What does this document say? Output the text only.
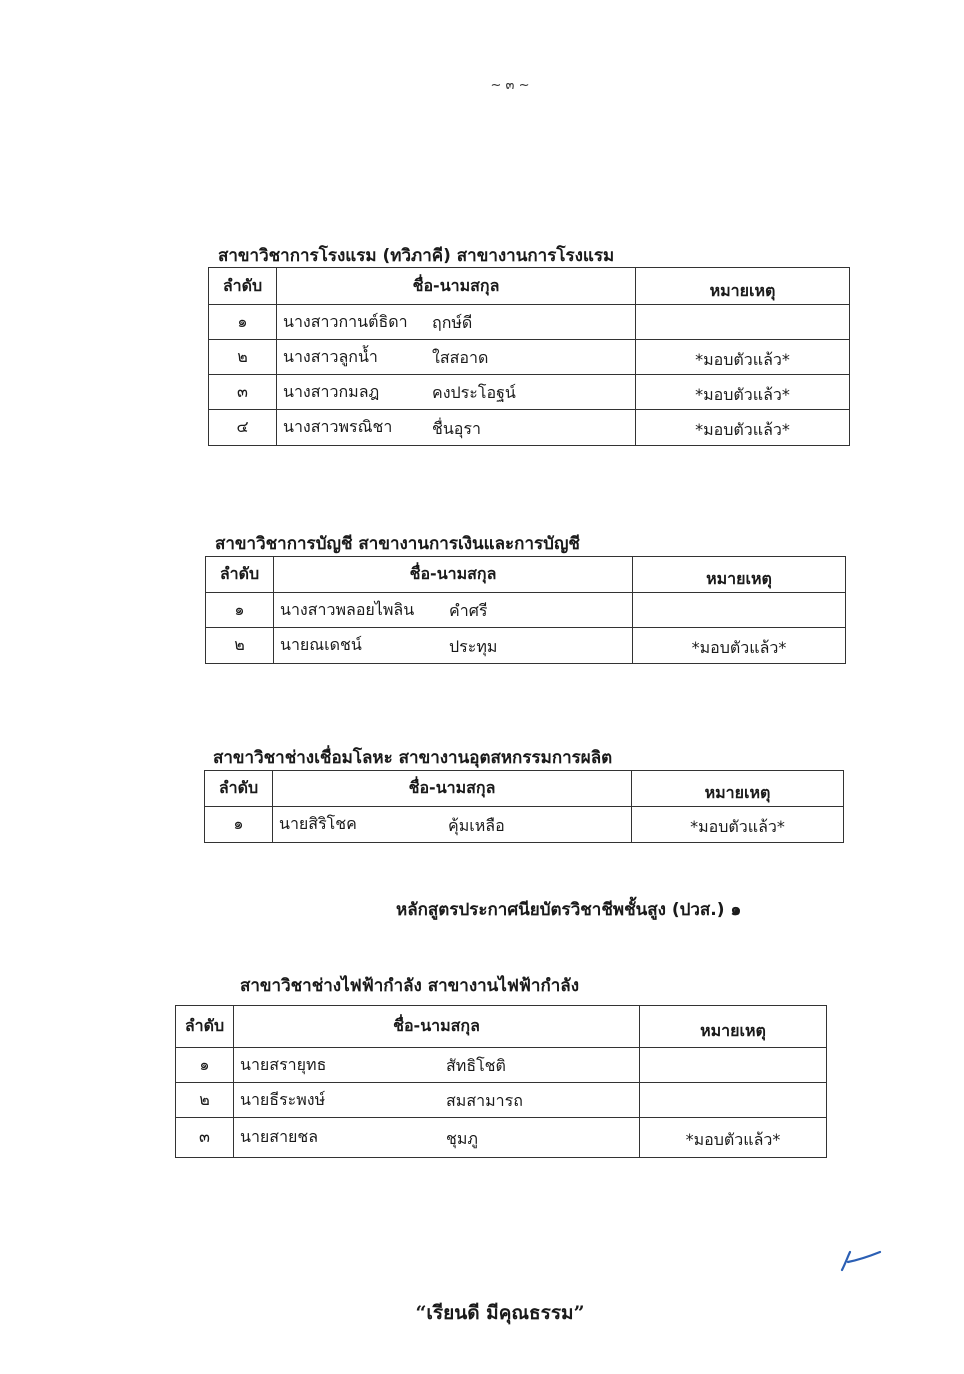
~ ๓ ~
สาขาวิชาการโรงแรม (ทวิภาคี) สาขางานการโรงแรม
ลำดับ	ชื่อ-นามสกุล	หมายเหตุ
๑	นางสาวกานต์ธิดา ฤกษ์ดี	

๒	นางสาวลูกน้ำ ใสสอาด	*มอบตัวแล้ว*
๓	นางสาวกมลฎ คงประโอฐน์	*มอบตัวแล้ว*
๔	นางสาวพรณิชา ชื่นอุรา	*มอบตัวแล้ว*
สาขาวิชาการบัญชี สาขางานการเงินและการบัญชี
ลำดับ	ชื่อ-นามสกุล	หมายเหตุ
๑	นางสาวพลอยไพลิน คำศรี	

๒	นายณเดชน์ ประทุม	*มอบตัวแล้ว*
สาขาวิชาช่างเชื่อมโลหะ สาขางานอุตสหกรรมการผลิต
ลำดับ	ชื่อ-นามสกุล	หมายเหตุ
๑	นายสิริโชค คุ้มเหลือ	*มอบตัวแล้ว*
หลักสูตรประกาศนียบัตรวิชาชีพชั้นสูง (ปวส.) ๑
สาขาวิชาช่างไฟฟ้ากำลัง สาขางานไฟฟ้ากำลัง
ลำดับ	ชื่อ-นามสกุล	หมายเหตุ
๑	นายสรายุทธ สัทธิโชติ	

๒	นายธีระพงษ์ สมสามารถ	

๓	นายสายชล ชุมภู	*มอบตัวแล้ว*
“เรียนดี มีคุณธรรม”
